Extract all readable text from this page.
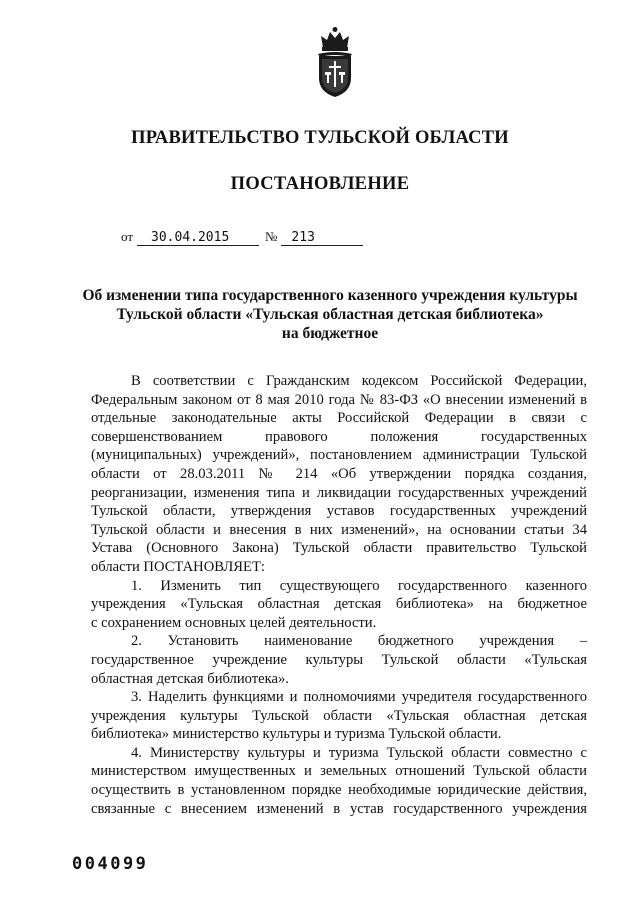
ПРАВИТЕЛЬСТВО ТУЛЬСКОЙ ОБЛАСТИ
ПОСТАНОВЛЕНИЕ
от 30.04.2015	№ 213
Об изменении типа государственного казенного учреждения культуры
Тульской области «Тульская областная детская библиотека»
на бюджетное
В соответствии с Гражданским кодексом Российской Федерации,
Федеральным законом от 8 мая 2010 года № 83-ФЗ «О внесении изменений в
отдельные законодательные акты Российской Федерации в связи с
совершенствованием правового положения государственных
(муниципальных) учреждений», постановлением администрации Тульской
области от 28.03.2011 № 214 «Об утверждении порядка создания,
реорганизации, изменения типа и ликвидации государственных учреждений
Тульской области, утверждения уставов государственных учреждений
Тульской области и внесения в них изменений», на основании статьи 34
Устава (Основного Закона) Тульской области правительство Тульской
области ПОСТАНОВЛЯЕТ:
1. Изменить тип существующего государственного казенного
учреждения «Тульская областная детская библиотека» на бюджетное
с сохранением основных целей деятельности.
2. Установить наименование бюджетного учреждения –
государственное учреждение культуры Тульской области «Тульская
областная детская библиотека».
3. Наделить функциями и полномочиями учредителя государственного
учреждения культуры Тульской области «Тульская областная детская
библиотека» министерство культуры и туризма Тульской области.
4. Министерству культуры и туризма Тульской области совместно с
министерством имущественных и земельных отношений Тульской области
осуществить в установленном порядке необходимые юридические действия,
связанные с внесением изменений в устав государственного учреждения
004099
